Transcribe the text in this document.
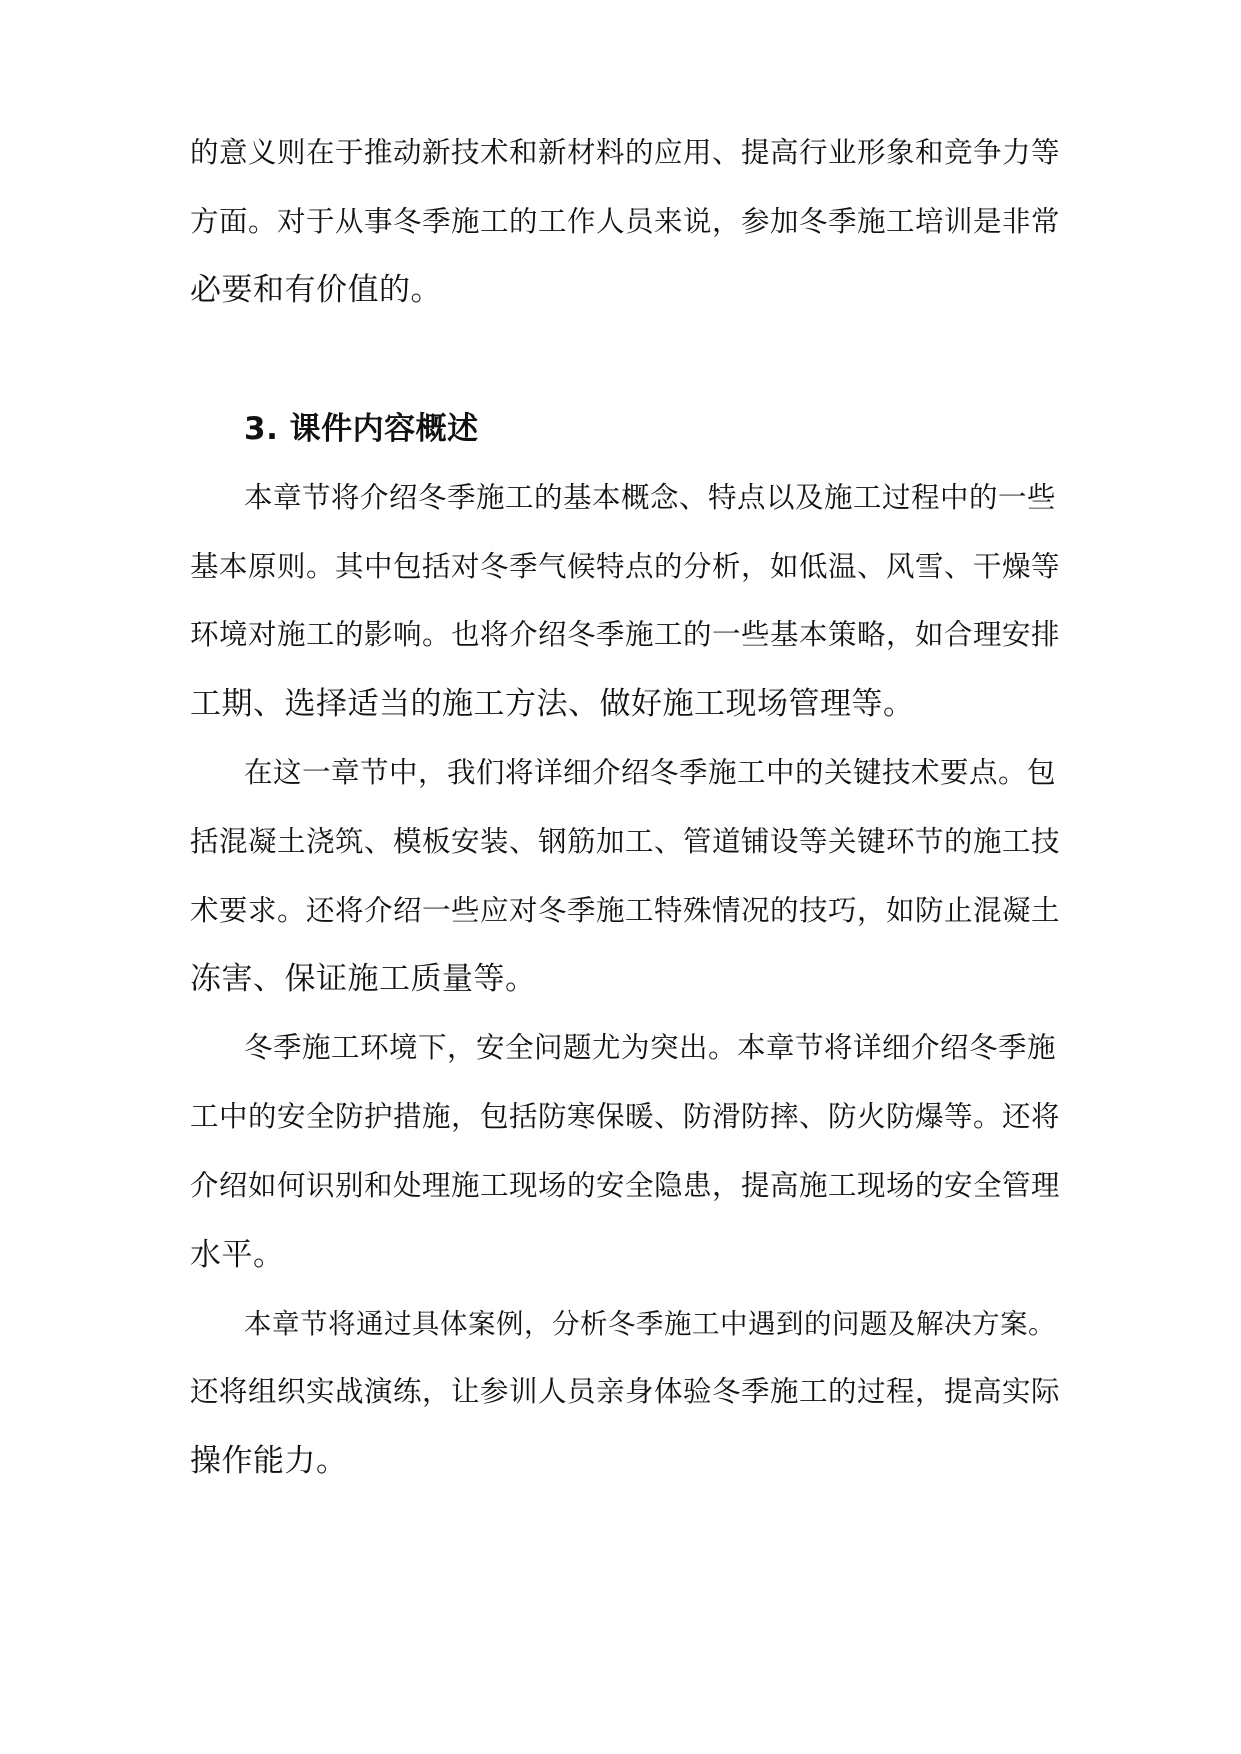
的意义则在于推动新技术和新材料的应用、提高行业形象和竞争力等
方面。对于从事冬季施工的工作人员来说，参加冬季施工培训是非常
必要和有价值的。
3. 课件内容概述
本章节将介绍冬季施工的基本概念、特点以及施工过程中的一些
基本原则。其中包括对冬季气候特点的分析，如低温、风雪、干燥等
环境对施工的影响。也将介绍冬季施工的一些基本策略，如合理安排
工期、选择适当的施工方法、做好施工现场管理等。
在这一章节中，我们将详细介绍冬季施工中的关键技术要点。包
括混凝土浇筑、模板安装、钢筋加工、管道铺设等关键环节的施工技
术要求。还将介绍一些应对冬季施工特殊情况的技巧，如防止混凝土
冻害、保证施工质量等。
冬季施工环境下，安全问题尤为突出。本章节将详细介绍冬季施
工中的安全防护措施，包括防寒保暖、防滑防摔、防火防爆等。还将
介绍如何识别和处理施工现场的安全隐患，提高施工现场的安全管理
水平。
本章节将通过具体案例，分析冬季施工中遇到的问题及解决方案。
还将组织实战演练，让参训人员亲身体验冬季施工的过程，提高实际
操作能力。
